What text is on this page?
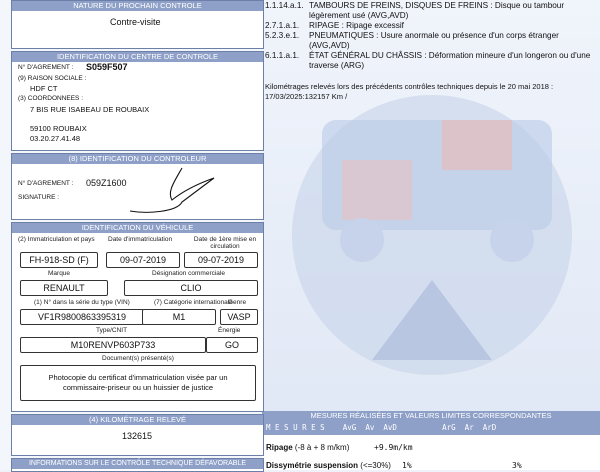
1.1.14.a.1. TAMBOURS DE FREINS, DISQUES DE FREINS : Disque ou tambour
légèrement usé (AVG,AVD)
2.7.1.a.1. RIPAGE : Ripage excessif
5.2.3.e.1. PNEUMATIQUES : Usure anormale ou présence d'un corps étranger
(AVG,AVD)
6.1.1.a.1. ÉTAT GÉNÉRAL DU CHÂSSIS : Déformation mineure d'un longeron ou d'une
traverse (ARG)
Kilométrages relevés lors des précédents contrôles techniques depuis le 20 mai 2018 :
17/03/2025:132157 Km /
MESURES RÉALISÉES ET VALEURS LIMITES CORRESPONDANTES
M E S U R E S    AvG  Av  AvD          ArG  Ar  ArD
Ripage (-8 à + 8 m/km)	+9.9m/km
Dissymétrie suspension (<=30%) 1%	3%
NATURE DU PROCHAIN CONTROLE
Contre-visite
IDENTIFICATION DU CENTRE DE CONTROLE
N° D'AGREMENT : S059F507
(9) RAISON SOCIALE :
HDF CT
(3) COORDONNEES :
7 BIS RUE ISABEAU DE ROUBAIX
59100 ROUBAIX
03.20.27.41.48
(8) IDENTIFICATION DU CONTROLEUR
N° D'AGREMENT : 059Z1600
SIGNATURE :
IDENTIFICATION DU VÉHICULE
(2) Immatriculation et pays Date d'immatriculation	Date de 1ère mise en circulation
FH-918-SD (F)	09-07-2019	09-07-2019
Marque	Désignation commerciale
RENAULT	CLIO
(1) N° dans la série du type (VIN)	(7) Catégorie internationale
Genre
VF1R9800863395319	M1	VASP
Type/CNIT	Énergie
M10RENVP603P733	GO
Document(s) présenté(s)
Photocopie du certificat d'immatriculation visée par un commissaire-priseur ou un huissier de justice
(4) KILOMÉTRAGE RELEVÉ
132615
INFORMATIONS SUR LE CONTRÔLE TECHNIQUE DÉFAVORABLE
